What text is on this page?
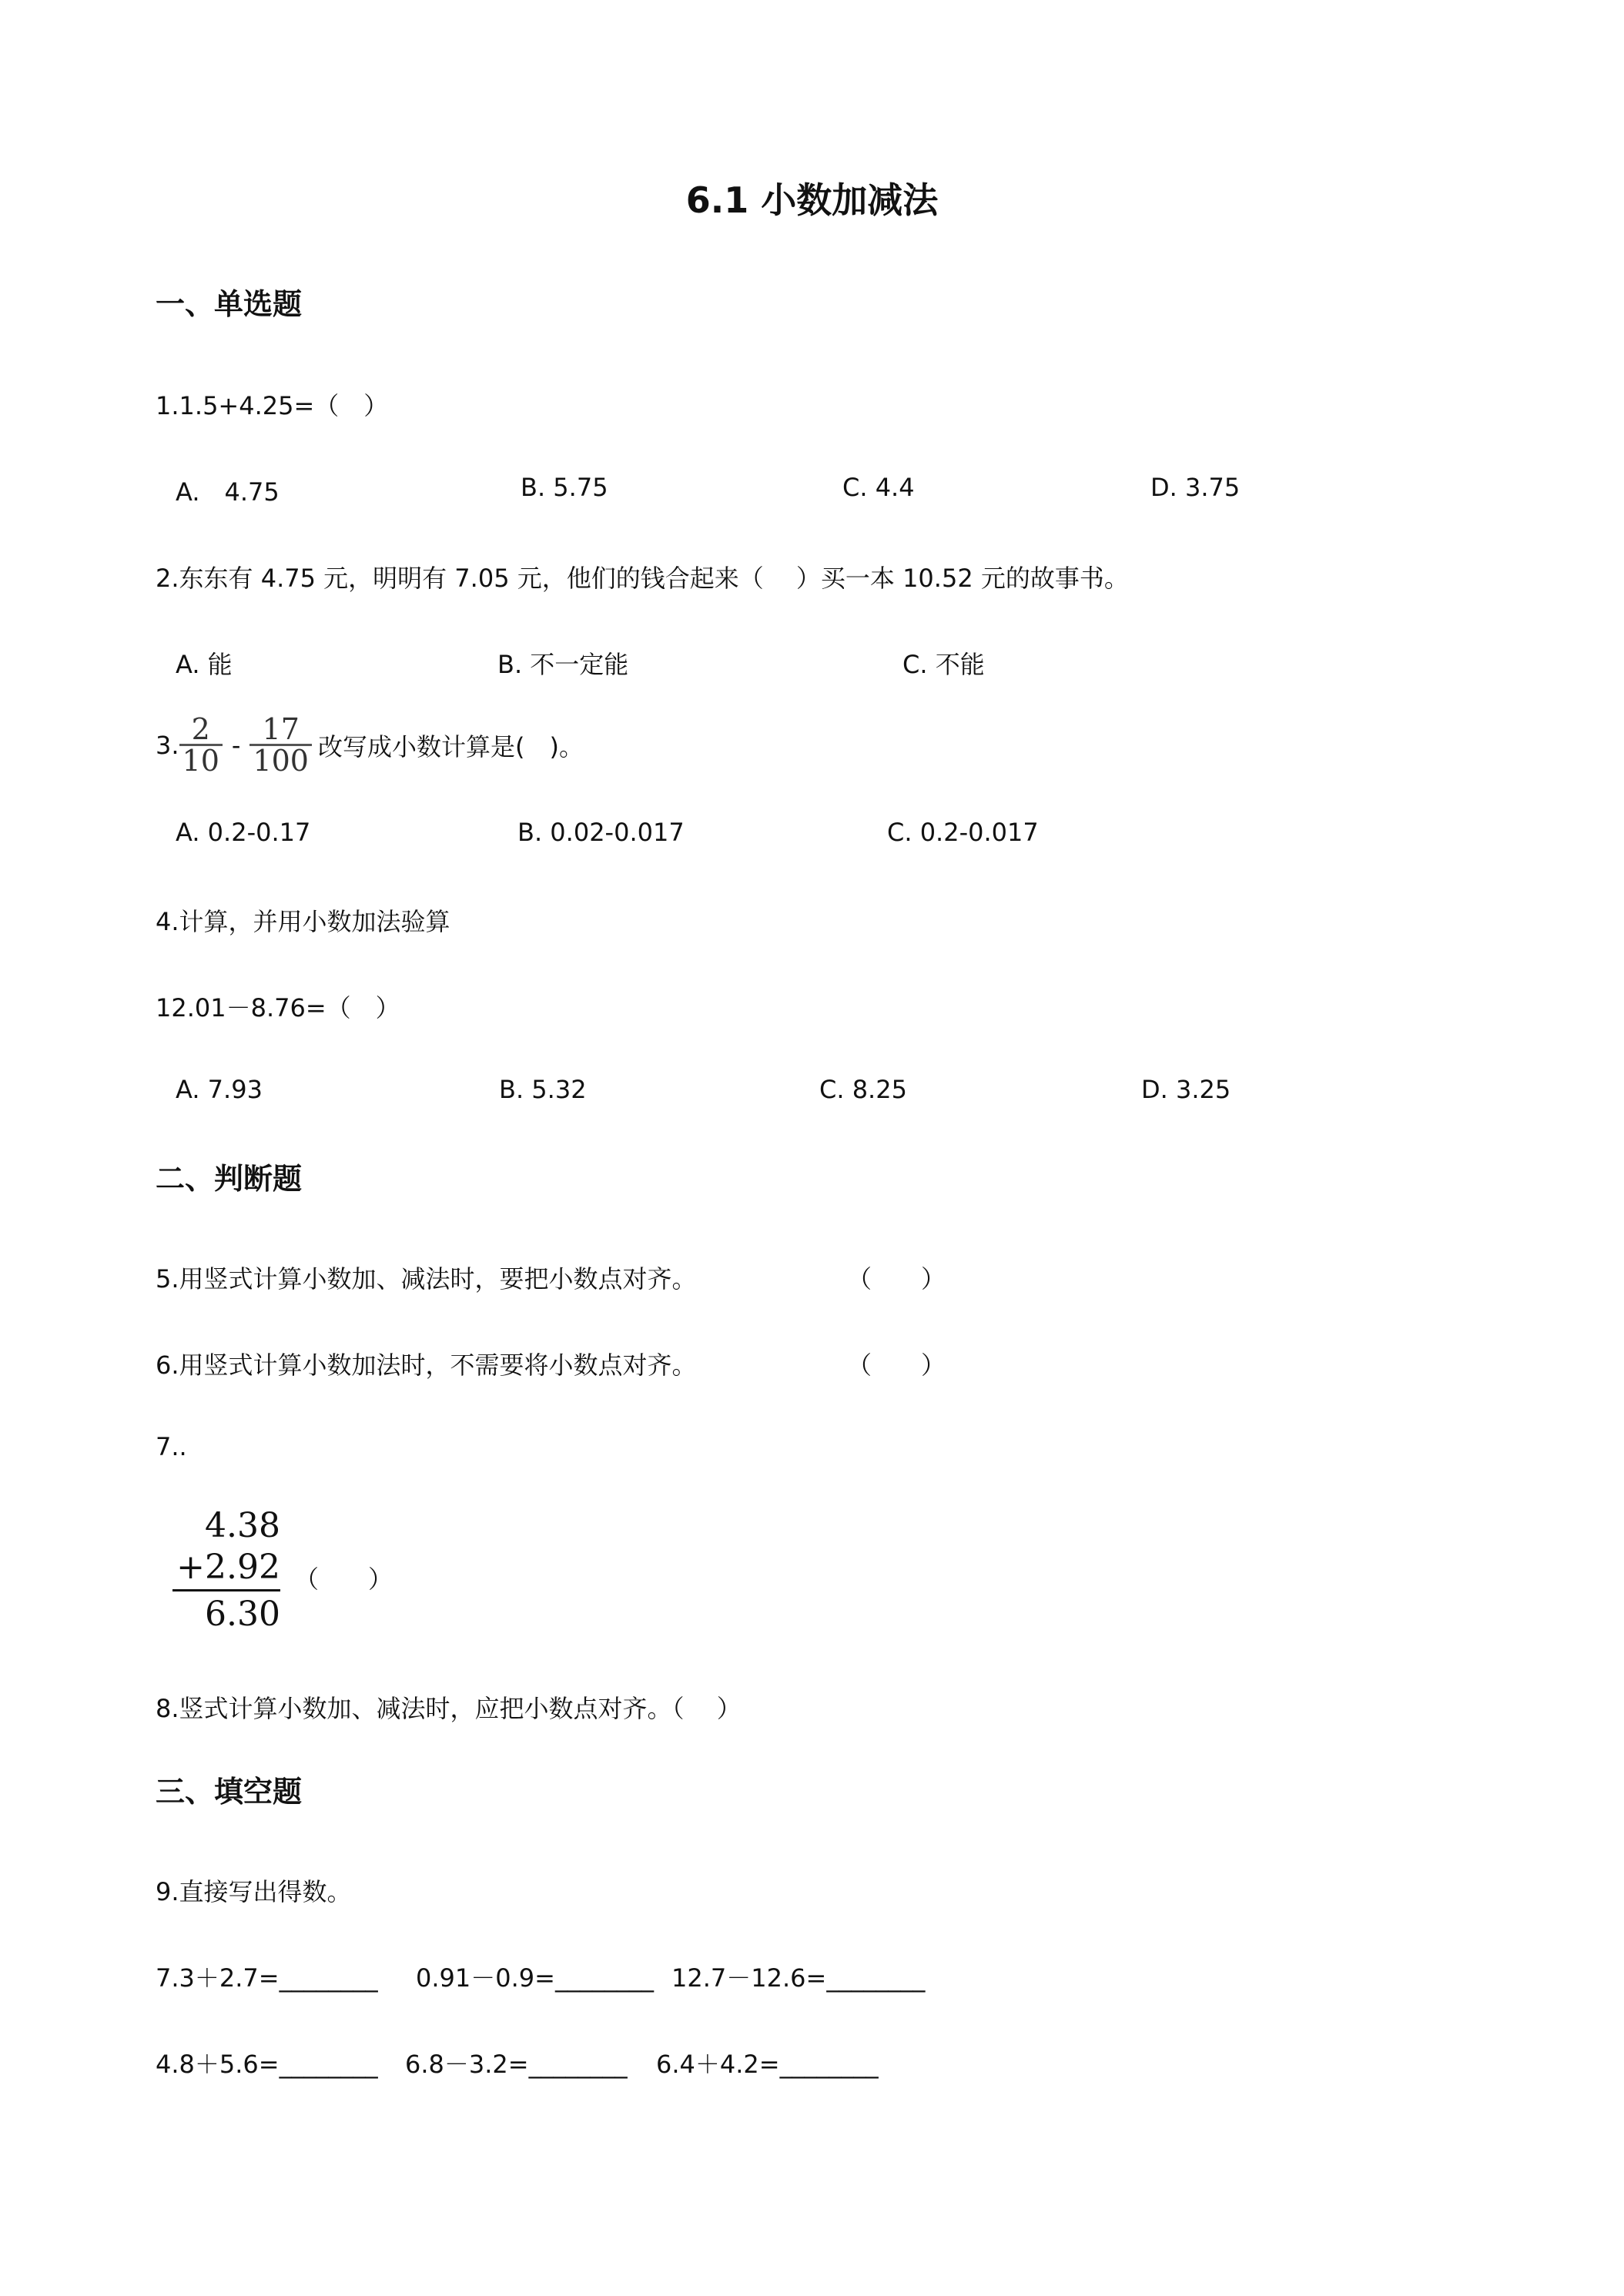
6.1 小数加减法
一、单选题
1.1.5+4.25=（　）
A.　4.75	B. 5.75	C. 4.4	D. 3.75
2.东东有 4.75 元，明明有 7.05 元，他们的钱合起来（　 ）买一本 10.52 元的故事书。
A. 能	B. 不一定能	C. 不能
3. $\frac{2}{10} - \frac{17}{100}$ 改写成小数计算是(　)。
A. 0.2-0.17	B. 0.02-0.017	C. 0.2-0.017
4.计算，并用小数加法验算
12.01－8.76=（　）
A. 7.93	B. 5.32	C. 8.25	D. 3.25
二、判断题
5.用竖式计算小数加、减法时，要把小数点对齐。	（　　）
6.用竖式计算小数加法时，不需要将小数点对齐。	（　　）
7..
4.38
+2.92
6.30
（　　）
8.竖式计算小数加、减法时，应把小数点对齐。（　 ）
三、填空题
9.直接写出得数。
7.3＋2.7=________ 0.91－0.9=________ 12.7－12.6=________
4.8＋5.6=________ 6.8－3.2=________ 6.4＋4.2=________
